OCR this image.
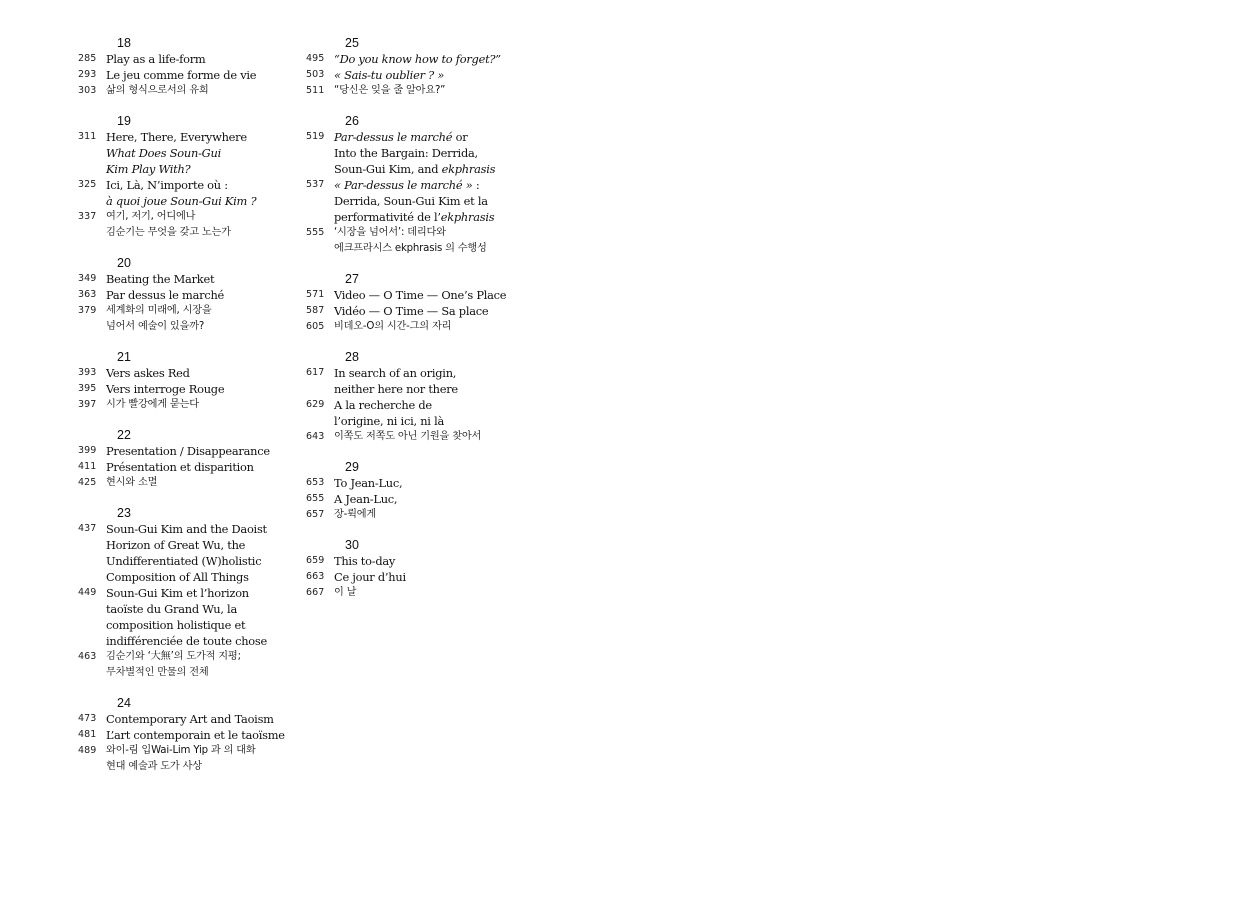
18
285 Play as a life-form
293 Le jeu comme forme de vie
303 삶의 형식으로서의 유희
19
311 Here, There, Everywhere
What Does Soun-Gui
Kim Play With?
325 Ici, Là, N’importe où :
à quoi joue Soun-Gui Kim ?
337 여기, 저기, 어디에나
김순기는 무엇을 갖고 노는가
20
349 Beating the Market
363 Par dessus le marché
379 세계화의 미래에, 시장을
넘어서 예술이 있을까?
21
393 Vers askes Red
395 Vers interroge Rouge
397 시가 빨강에게 묻는다
22
399 Presentation / Disappearance
411 Présentation et disparition
425 현시와 소멸
23
437 Soun-Gui Kim and the Daoist
Horizon of Great Wu, the
Undifferentiated (W)holistic
Composition of All Things
449 Soun-Gui Kim et l’horizon
taoïste du Grand Wu, la
composition holistique et
indifférenciée de toute chose
463 김순기와 ‘大無’의 도가적 지평;
무차별적인 만물의 전체
24
473 Contemporary Art and Taoism
481 L’art contemporain et le taoïsme
489 와이-림 입Wai-Lim Yip 과 의 대화
현대 예술과 도가 사상
25
495 “Do you know how to forget?”
503 « Sais-tu oublier ? »
511 “당신은 잊을 줄 알아요?”
26
519 Par-dessus le marché or
Into the Bargain: Derrida,
Soun-Gui Kim, and ekphrasis
537 « Par-dessus le marché » :
Derrida, Soun-Gui Kim et la
performativité de l’ekphrasis
555 ‘시장을 넘어서’: 데리다와
에크프라시스 ekphrasis 의 수행성
27
571 Video — O Time — One’s Place
587 Vidéo — O Time — Sa place
605 비데오-O의 시간-그의 자리
28
617 In search of an origin,
neither here nor there
629 A la recherche de
l’origine, ni ici, ni là
643 이쪽도 저쪽도 아닌 기원을 찾아서
29
653 To Jean-Luc,
655 A Jean-Luc,
657 장-뤽에게
30
659 This to-day
663 Ce jour d’hui
667 이 날
